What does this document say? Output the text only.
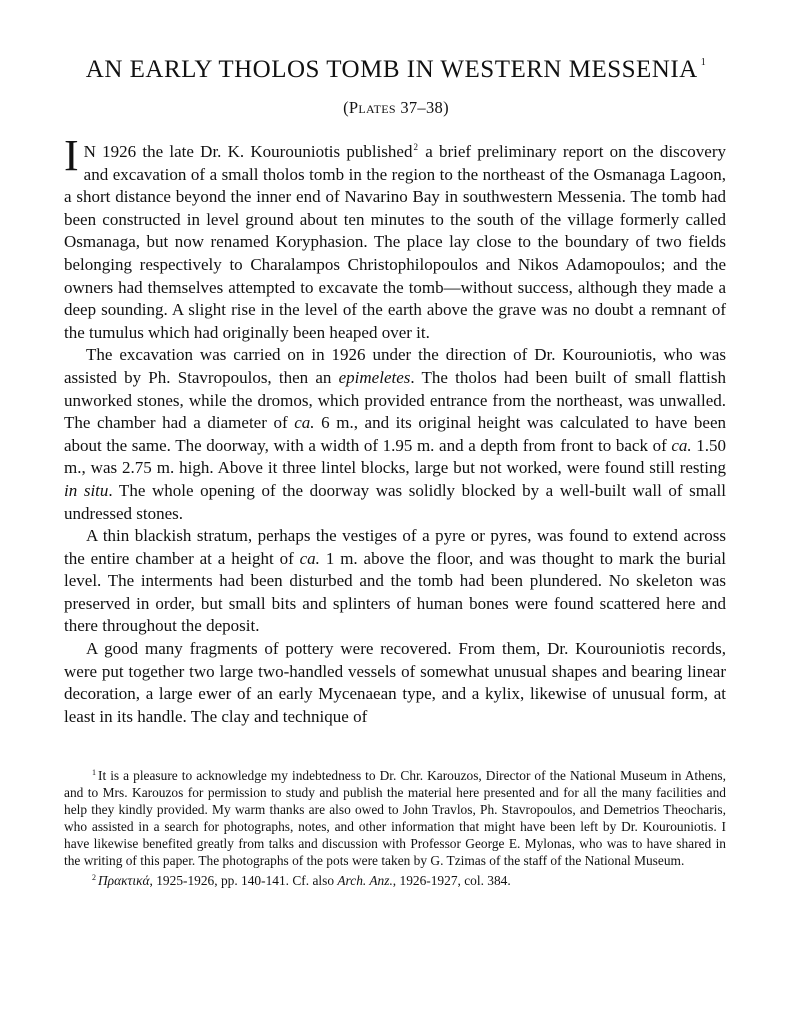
AN EARLY THOLOS TOMB IN WESTERN MESSENIA $^1$
(Plates 37–38)

I N 1926 the late Dr. K. Kourouniotis published$^2$ a brief preliminary report on the discovery and excavation of a small tholos tomb in the region to the northeast of the Osmanaga Lagoon, a short distance beyond the inner end of Navarino Bay in southwestern Messenia. The tomb had been constructed in level ground about ten minutes to the south of the village formerly called Osmanaga, but now renamed Koryphasion. The place lay close to the boundary of two fields belonging respectively to Charalampos Christophilopoulos and Nikos Adamopoulos; and the owners had themselves attempted to excavate the tomb—without success, although they made a deep sounding. A slight rise in the level of the earth above the grave was no doubt a remnant of the tumulus which had originally been heaped over it.

The excavation was carried on in 1926 under the direction of Dr. Kourouniotis, who was assisted by Ph. Stavropoulos, then an epimeletes. The tholos had been built of small flattish unworked stones, while the dromos, which provided entrance from the northeast, was unwalled. The chamber had a diameter of ca. 6 m., and its original height was calculated to have been about the same. The doorway, with a width of 1.95 m. and a depth from front to back of ca. 1.50 m., was 2.75 m. high. Above it three lintel blocks, large but not worked, were found still resting in situ. The whole opening of the doorway was solidly blocked by a well-built wall of small undressed stones.

A thin blackish stratum, perhaps the vestiges of a pyre or pyres, was found to extend across the entire chamber at a height of ca. 1 m. above the floor, and was thought to mark the burial level. The interments had been disturbed and the tomb had been plundered. No skeleton was preserved in order, but small bits and splinters of human bones were found scattered here and there throughout the deposit.

A good many fragments of pottery were recovered. From them, Dr. Kourouniotis records, were put together two large two-handled vessels of somewhat unusual shapes and bearing linear decoration, a large ewer of an early Mycenaean type, and a kylix, likewise of unusual form, at least in its handle. The clay and technique of

$^1$ It is a pleasure to acknowledge my indebtedness to Dr. Chr. Karouzos, Director of the National Museum in Athens, and to Mrs. Karouzos for permission to study and publish the material here presented and for all the many facilities and help they kindly provided. My warm thanks are also owed to John Travlos, Ph. Stavropoulos, and Demetrios Theocharis, who assisted in a search for photographs, notes, and other information that might have been left by Dr. Kourouniotis. I have likewise benefited greatly from talks and discussion with Professor George E. Mylonas, who was to have shared in the writing of this paper. The photographs of the pots were taken by G. Tzimas of the staff of the National Museum.

$^2$ Πρακτικά, 1925-1926, pp. 140-141. Cf. also Arch. Anz., 1926-1927, col. 384.
